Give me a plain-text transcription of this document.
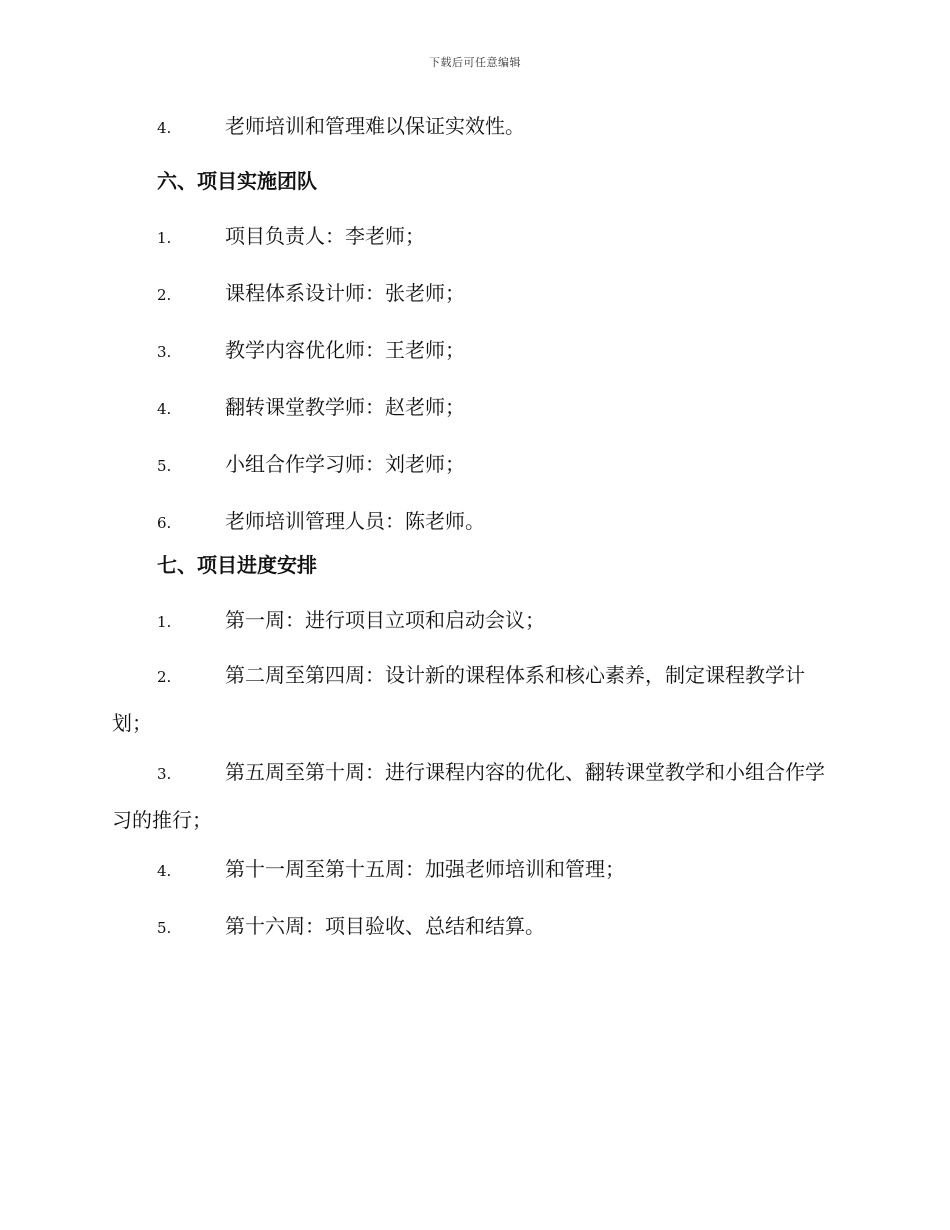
下载后可任意编辑
4.	老师培训和管理难以保证实效性。
六、项目实施团队
1.	项目负责人：李老师；
2.	课程体系设计师：张老师；
3.	教学内容优化师：王老师；
4.	翻转课堂教学师：赵老师；
5.	小组合作学习师：刘老师；
6.	老师培训管理人员：陈老师。
七、项目进度安排
1.	第一周：进行项目立项和启动会议；
2.	第二周至第四周：设计新的课程体系和核心素养，制定课程教学计划；
3.	第五周至第十周：进行课程内容的优化、翻转课堂教学和小组合作学习的推行；
4.	第十一周至第十五周：加强老师培训和管理；
5.	第十六周：项目验收、总结和结算。
